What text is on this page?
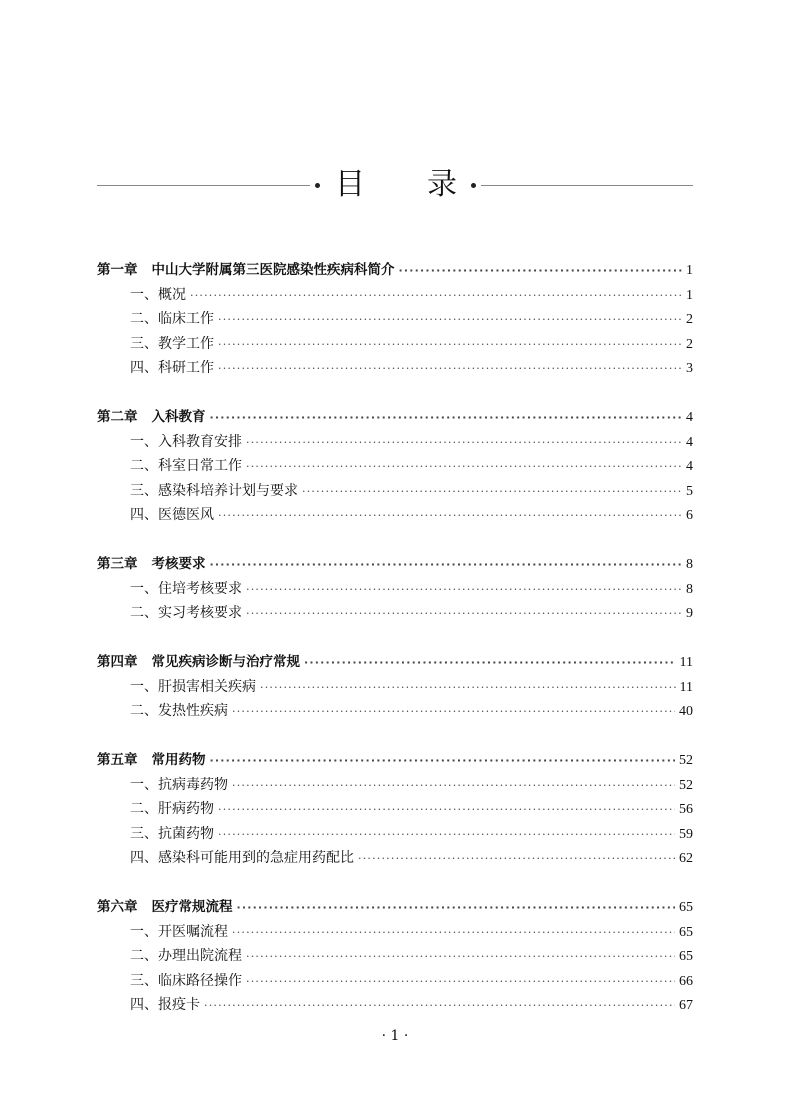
目 录
第一章 中山大学附属第三医院感染性疾病科简介 ·····	1
一、概况 ·····	1
二、临床工作 ·····	2
三、教学工作 ·····	2
四、科研工作 ·····	3
第二章 入科教育 ·····	4
一、入科教育安排 ·····	4
二、科室日常工作 ·····	4
三、感染科培养计划与要求 ·····	5
四、医德医风 ·····	6
第三章 考核要求 ·····	8
一、住培考核要求 ·····	8
二、实习考核要求 ·····	9
第四章 常见疾病诊断与治疗常规 ·····	11
一、肝损害相关疾病 ·····	11
二、发热性疾病 ·····	40
第五章 常用药物 ·····	52
一、抗病毒药物 ·····	52
二、肝病药物 ·····	56
三、抗菌药物 ·····	59
四、感染科可能用到的急症用药配比 ·····	62
第六章 医疗常规流程 ·····	65
一、开医嘱流程 ·····	65
二、办理出院流程 ·····	65
三、临床路径操作 ·····	66
四、报疫卡 ·····	67
· 1 ·
